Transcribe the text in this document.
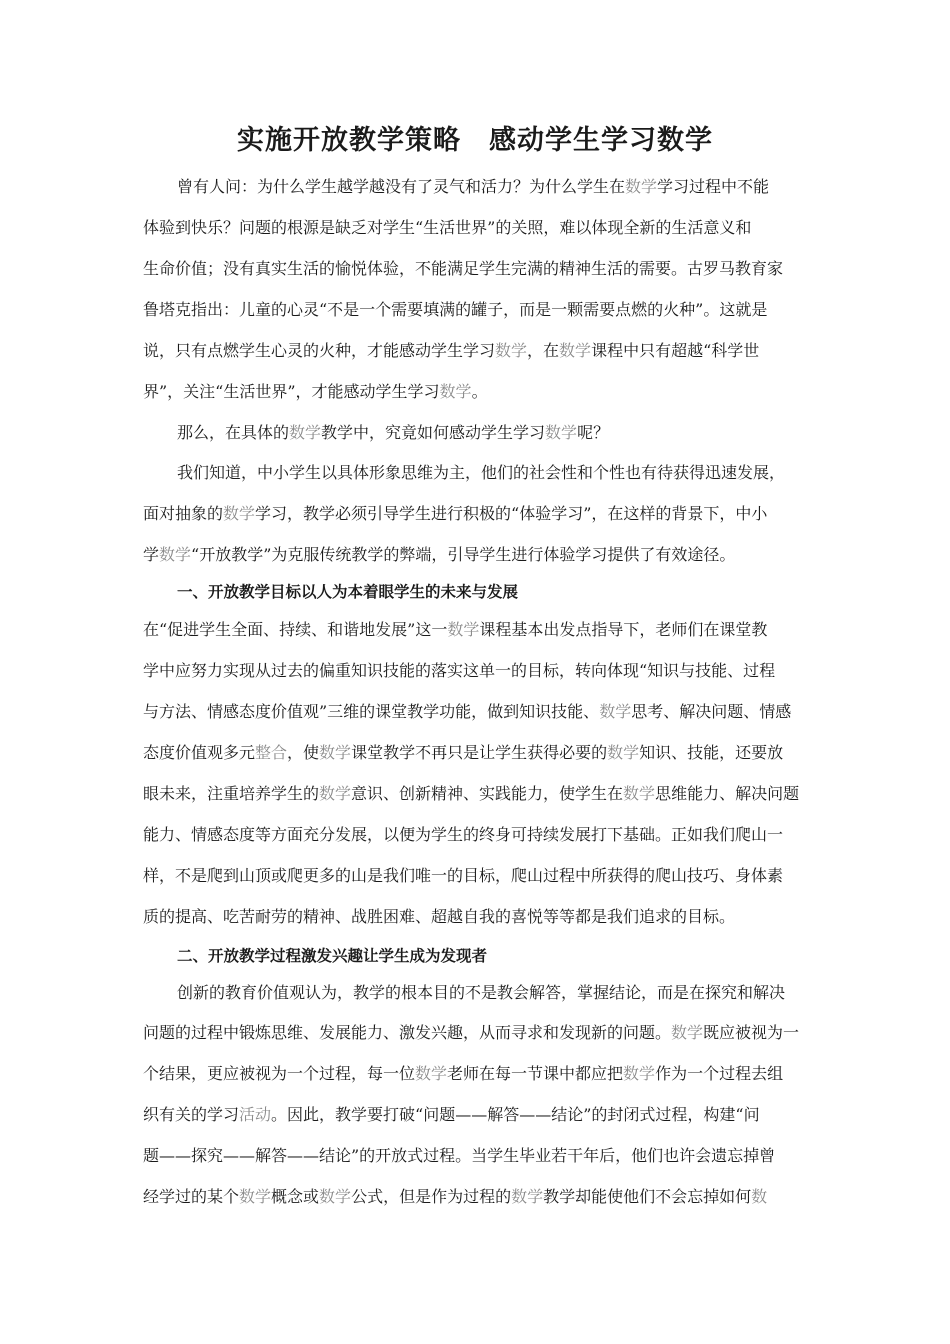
实施开放教学策略　感动学生学习数学
曾有人问：为什么学生越学越没有了灵气和活力？为什么学生在数学学习过程中不能
体验到快乐？问题的根源是缺乏对学生“生活世界”的关照，难以体现全新的生活意义和
生命价值；没有真实生活的愉悦体验，不能满足学生完满的精神生活的需要。古罗马教育家
鲁塔克指出：儿童的心灵“不是一个需要填满的罐子，而是一颗需要点燃的火种”。这就是
说，只有点燃学生心灵的火种，才能感动学生学习数学，在数学课程中只有超越“科学世
界”，关注“生活世界”，才能感动学生学习数学。
那么，在具体的数学教学中，究竟如何感动学生学习数学呢？
我们知道，中小学生以具体形象思维为主，他们的社会性和个性也有待获得迅速发展，
面对抽象的数学学习，教学必须引导学生进行积极的“体验学习”，在这样的背景下，中小
学数学“开放教学”为克服传统教学的弊端，引导学生进行体验学习提供了有效途径。
一、开放教学目标以人为本着眼学生的未来与发展
在“促进学生全面、持续、和谐地发展”这一数学课程基本出发点指导下，老师们在课堂教
学中应努力实现从过去的偏重知识技能的落实这单一的目标，转向体现“知识与技能、过程
与方法、情感态度价值观”三维的课堂教学功能，做到知识技能、数学思考、解决问题、情感
态度价值观多元整合，使数学课堂教学不再只是让学生获得必要的数学知识、技能，还要放
眼未来，注重培养学生的数学意识、创新精神、实践能力，使学生在数学思维能力、解决问题
能力、情感态度等方面充分发展，以便为学生的终身可持续发展打下基础。正如我们爬山一
样，不是爬到山顶或爬更多的山是我们唯一的目标，爬山过程中所获得的爬山技巧、身体素
质的提高、吃苦耐劳的精神、战胜困难、超越自我的喜悦等等都是我们追求的目标。
二、开放教学过程激发兴趣让学生成为发现者
创新的教育价值观认为，教学的根本目的不是教会解答，掌握结论，而是在探究和解决
问题的过程中锻炼思维、发展能力、激发兴趣，从而寻求和发现新的问题。数学既应被视为一
个结果，更应被视为一个过程，每一位数学老师在每一节课中都应把数学作为一个过程去组
织有关的学习活动。因此，教学要打破“问题——解答——结论”的封闭式过程，构建“问
题——探究——解答——结论”的开放式过程。当学生毕业若干年后，他们也许会遗忘掉曾
经学过的某个数学概念或数学公式，但是作为过程的数学教学却能使他们不会忘掉如何数
